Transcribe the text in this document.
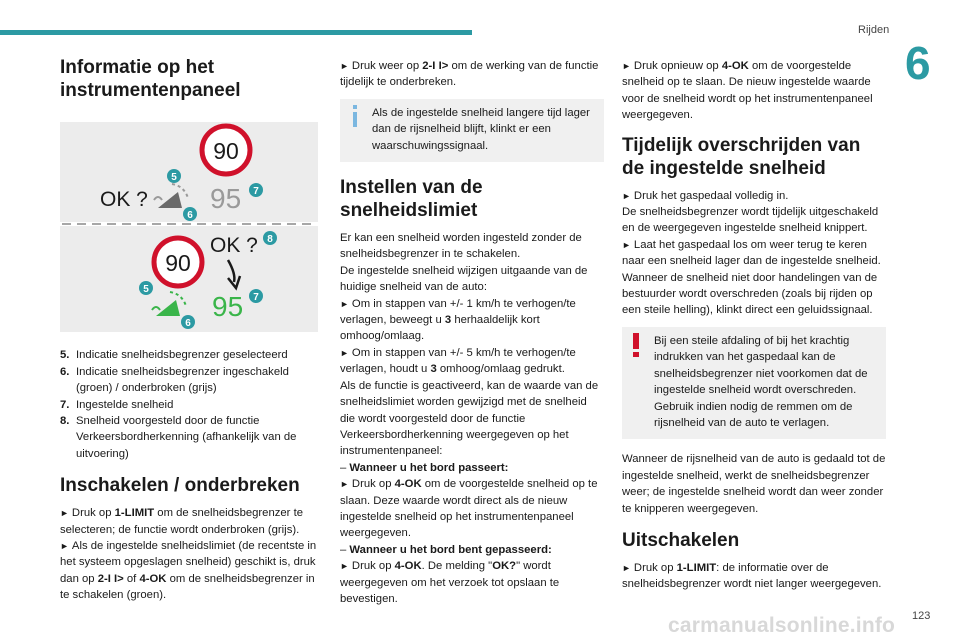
Rijden
6
123
carmanualsonline.info
Informatie op het instrumentenpaneel
90
OK ? 95
5
6
7
90
OK ?
95
5
6
7
8
5. Indicatie snelheidsbegrenzer geselecteerd
6. Indicatie snelheidsbegrenzer ingeschakeld (groen) / onderbroken (grijs)
7. Ingestelde snelheid
8. Snelheid voorgesteld door de functie Verkeersbordherkenning (afhankelijk van de uitvoering)
Inschakelen / onderbreken

► Druk op 1-LIMIT om de snelheidsbegrenzer te selecteren; de functie wordt onderbroken (grijs).

► Als de ingestelde snelheidslimiet (de recentste in het systeem opgeslagen snelheid) geschikt is, druk dan op 2-I I> of 4-OK om de snelheidsbegrenzer in te schakelen (groen).

► Druk weer op 2-I I> om de werking van de functie tijdelijk te onderbreken.

Als de ingestelde snelheid langere tijd lager dan de rijsnelheid blijft, klinkt er een waarschuwingssignaal.
Instellen van de snelheidslimiet

Er kan een snelheid worden ingesteld zonder de snelheidsbegrenzer in te schakelen.

De ingestelde snelheid wijzigen uitgaande van de huidige snelheid van de auto:

► Om in stappen van +/- 1 km/h te verhogen/te verlagen, beweegt u 3 herhaaldelijk kort omhoog/omlaag.

► Om in stappen van +/- 5 km/h te verhogen/te verlagen, houdt u 3 omhoog/omlaag gedrukt.

Als de functie is geactiveerd, kan de waarde van de snelheidslimiet worden gewijzigd met de snelheid die wordt voorgesteld door de functie Verkeersbordherkenning weergegeven op het instrumentenpaneel:

– Wanneer u het bord passeert:

► Druk op 4-OK om de voorgestelde snelheid op te slaan. Deze waarde wordt direct als de nieuw ingestelde snelheid op het instrumentenpaneel weergegeven.

– Wanneer u het bord bent gepasseerd:

► Druk op 4-OK. De melding "OK?" wordt weergegeven om het verzoek tot opslaan te bevestigen.

► Druk opnieuw op 4-OK om de voorgestelde snelheid op te slaan. De nieuw ingestelde waarde voor de snelheid wordt op het instrumentenpaneel weergegeven.

Tijdelijk overschrijden van de ingestelde snelheid

► Druk het gaspedaal volledig in.

De snelheidsbegrenzer wordt tijdelijk uitgeschakeld en de weergegeven ingestelde snelheid knippert.

► Laat het gaspedaal los om weer terug te keren naar een snelheid lager dan de ingestelde snelheid.

Wanneer de snelheid niet door handelingen van de bestuurder wordt overschreden (zoals bij rijden op een steile helling), klinkt direct een geluidssignaal.

Bij een steile afdaling of bij het krachtig indrukken van het gaspedaal kan de snelheidsbegrenzer niet voorkomen dat de ingestelde snelheid wordt overschreden. Gebruik indien nodig de remmen om de rijsnelheid van de auto te verlagen.

Wanneer de rijsnelheid van de auto is gedaald tot de ingestelde snelheid, werkt de snelheidsbegrenzer weer; de ingestelde snelheid wordt dan weer zonder te knipperen weergegeven.

Uitschakelen

► Druk op 1-LIMIT: de informatie over de snelheidsbegrenzer wordt niet langer weergegeven.
